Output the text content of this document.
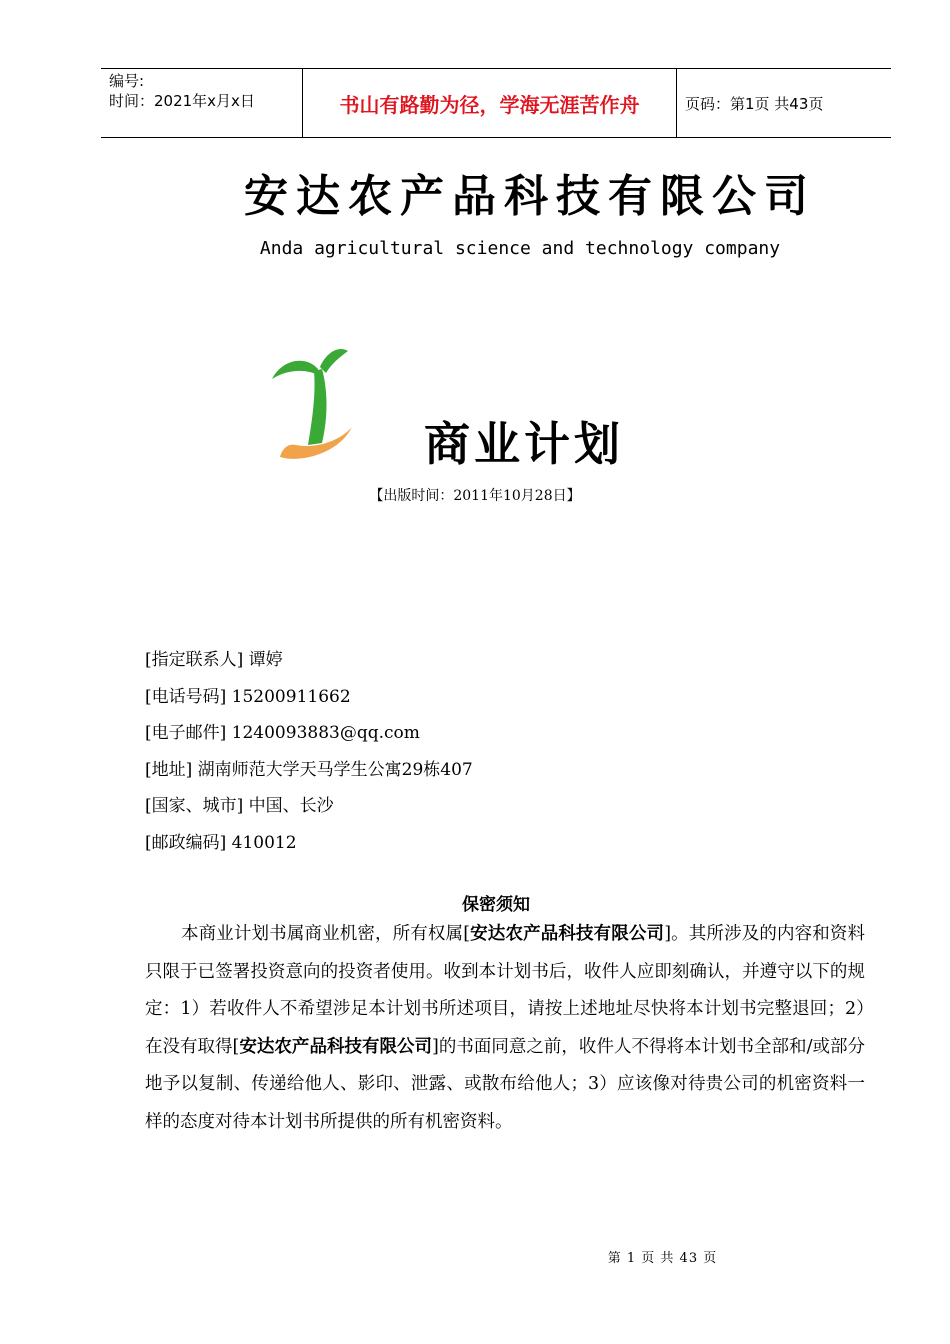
编号:
时间：2021年x月x日	书山有路勤为径，学海无涯苦作舟	页码：第1页 共43页
安达农产品科技有限公司
Anda agricultural science and technology company
商业计划
【出版时间：2011年10月28日】
[指定联系人] 谭婷
[电话号码] 15200911662
[电子邮件] 1240093883@qq.com
[地址] 湖南师范大学天马学生公寓29栋407
[国家、城市] 中国、长沙
[邮政编码] 410012
保密须知
本商业计划书属商业机密，所有权属[安达农产品科技有限公司]。其所涉及的内容和资料只限于已签署投资意向的投资者使用。收到本计划书后，收件人应即刻确认，并遵守以下的规定：1）若收件人不希望涉足本计划书所述项目，请按上述地址尽快将本计划书完整退回；2）在没有取得[安达农产品科技有限公司]的书面同意之前，收件人不得将本计划书全部和/或部分地予以复制、传递给他人、影印、泄露、或散布给他人；3）应该像对待贵公司的机密资料一样的态度对待本计划书所提供的所有机密资料。
第 1 页 共 43 页
